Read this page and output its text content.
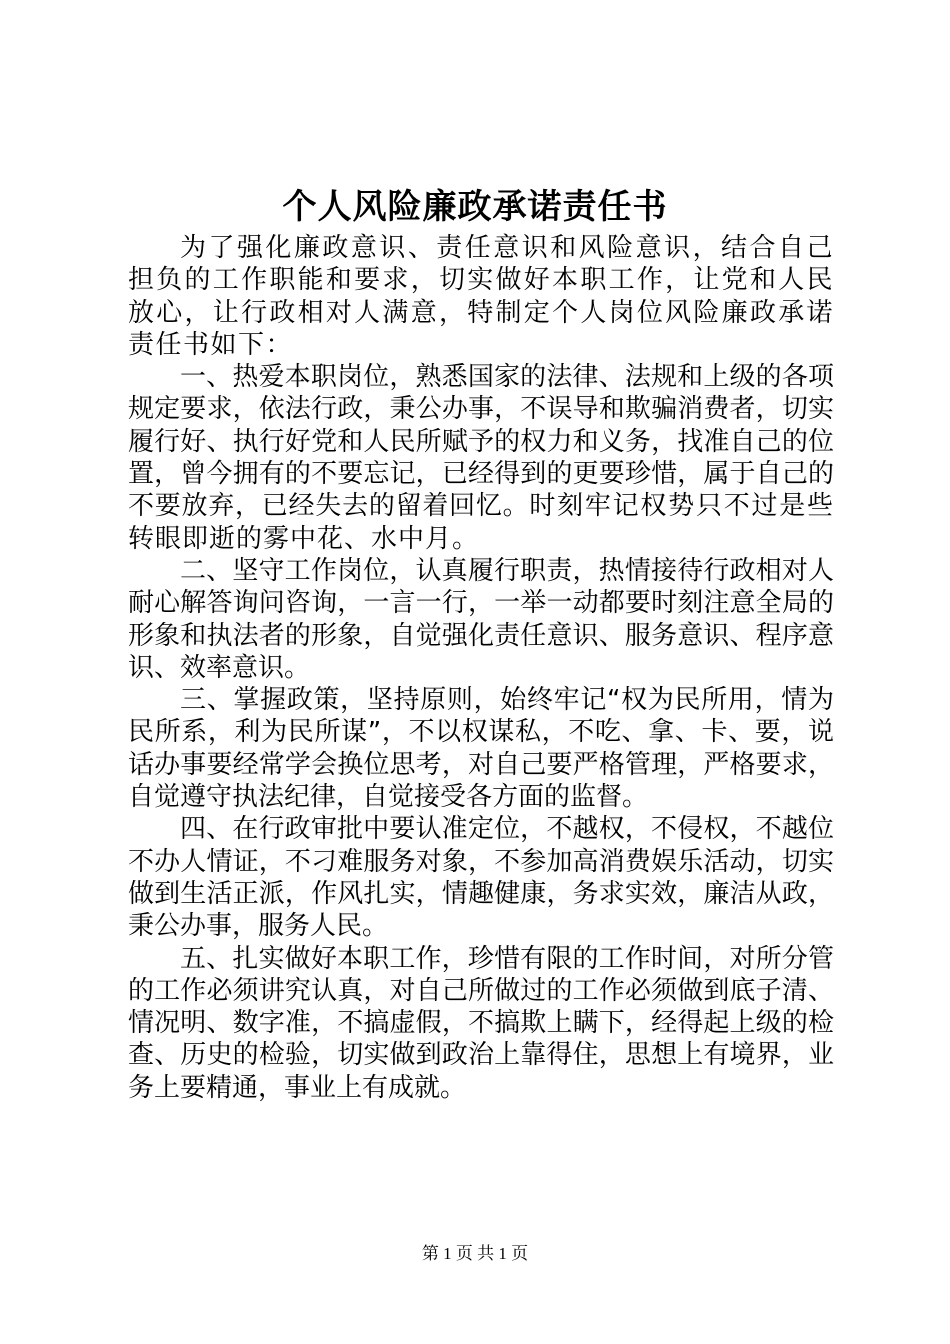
个人风险廉政承诺责任书

为了强化廉政意识、责任意识和风险意识，结合自己担负的工作职能和要求，切实做好本职工作，让党和人民放心，让行政相对人满意，特制定个人岗位风险廉政承诺责任书如下：

一、热爱本职岗位，熟悉国家的法律、法规和上级的各项规定要求，依法行政，秉公办事，不误导和欺骗消费者，切实履行好、执行好党和人民所赋予的权力和义务，找准自己的位置，曾今拥有的不要忘记，已经得到的更要珍惜，属于自己的不要放弃，已经失去的留着回忆。时刻牢记权势只不过是些转眼即逝的雾中花、水中月。

二、坚守工作岗位，认真履行职责，热情接待行政相对人耐心解答询问咨询，一言一行，一举一动都要时刻注意全局的形象和执法者的形象，自觉强化责任意识、服务意识、程序意识、效率意识。

三、掌握政策，坚持原则，始终牢记“权为民所用，情为民所系，利为民所谋”，不以权谋私，不吃、拿、卡、要，说话办事要经常学会换位思考，对自己要严格管理，严格要求，自觉遵守执法纪律，自觉接受各方面的监督。

四、在行政审批中要认准定位，不越权，不侵权，不越位不办人情证，不刁难服务对象，不参加高消费娱乐活动，切实做到生活正派，作风扎实，情趣健康，务求实效，廉洁从政，秉公办事，服务人民。

五、扎实做好本职工作，珍惜有限的工作时间，对所分管的工作必须讲究认真，对自己所做过的工作必须做到底子清、情况明、数字准，不搞虚假，不搞欺上瞒下，经得起上级的检查、历史的检验，切实做到政治上靠得住，思想上有境界，业务上要精通，事业上有成就。

第 1 页 共 1 页
